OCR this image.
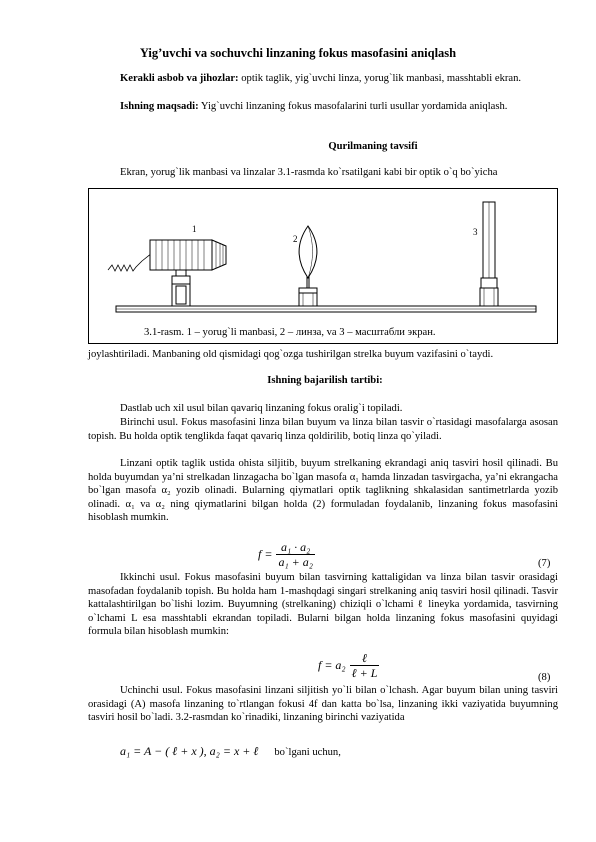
Yig’uvchi va sochuvchi linzaning fokus masofasini aniqlash
Kerakli asbob va jihozlar: optik taglik, yig`uvchi linza, yorug`lik manbasi, masshtabli ekran.
Ishning maqsadi: Yig`uvchi linzaning fokus masofalarini turli usullar yordamida aniqlash.
Qurilmaning tavsifi
Ekran, yorug`lik manbasi va linzalar 3.1-rasmda ko`rsatilgani kabi bir optik o`q bo`yicha
1
2
3
3.1-rasm. 1 – yorug`li manbasi, 2 – линза, va 3 – масштабли экран.
joylashtiriladi. Manbaning old qismidagi qog`ozga tushirilgan strelka buyum vazifasini o`taydi.
Ishning bajarilish tartibi:
Dastlab uch xil usul bilan qavariq linzaning fokus oralig`i topiladi.
Birinchi usul. Fokus masofasini linza bilan buyum va linza bilan tasvir o`rtasidagi masofalarga asosan topish. Bu holda optik tenglikda faqat qavariq linza qoldirilib, botiq linza qo`yiladi.
Linzani optik taglik ustida ohista siljitib, buyum strelkaning ekrandagi aniq tasviri hosil qilinadi. Bu holda buyumdan ya’ni strelkadan linzagacha bo`lgan masofa α₁ hamda linzadan tasvirgacha, ya’ni ekrangacha bo`lgan masofa α₂ yozib olinadi. Bularning qiymatlari optik taglikning shkalasidan santimetrlarda yozib olinadi. α₁ va α₂ ning qiymatlarini bilgan holda (2) formuladan foydalanib, linzaning fokus masofasini hisoblash mumkin.
$f = \frac{\text{a₁ · a₂}}{\text{a₁ + a₂}}$	(7)
Ikkinchi usul. Fokus masofasini buyum bilan tasvirning kattaligidan va linza bilan tasvir orasidagi masofadan foydalanib topish. Bu holda ham 1-mashqdagi singari strelkaning aniq tasviri hosil qilinadi. Tasvir kattalashtirilgan bo`lishi lozim. Buyumning (strelkaning) chiziqli o`lchami ℓ lineyka yordamida, tasvirning o`lchami L esa masshtabli ekrandan topiladi. Bularni bilgan holda linzaning fokus masofasini quyidagi formula bilan hisoblash mumkin:
$f = a_2 \frac{\text{ℓ}}{\text{ℓ + L}}$	(8)
Uchinchi usul. Fokus masofasini linzani siljitish yo`li bilan o`lchash. Agar buyum bilan uning tasviri orasidagi (A) masofa linzaning to`rtlangan fokusi 4f dan katta bo`lsa, linzaning ikki vaziyatida buyumning tasviri hosil bo`ladi. 3.2-rasmdan ko`rinadiki, linzaning birinchi vaziyatida
a₁ = A − ( ℓ + x ), a₂ = x + ℓ bo`lgani uchun,
